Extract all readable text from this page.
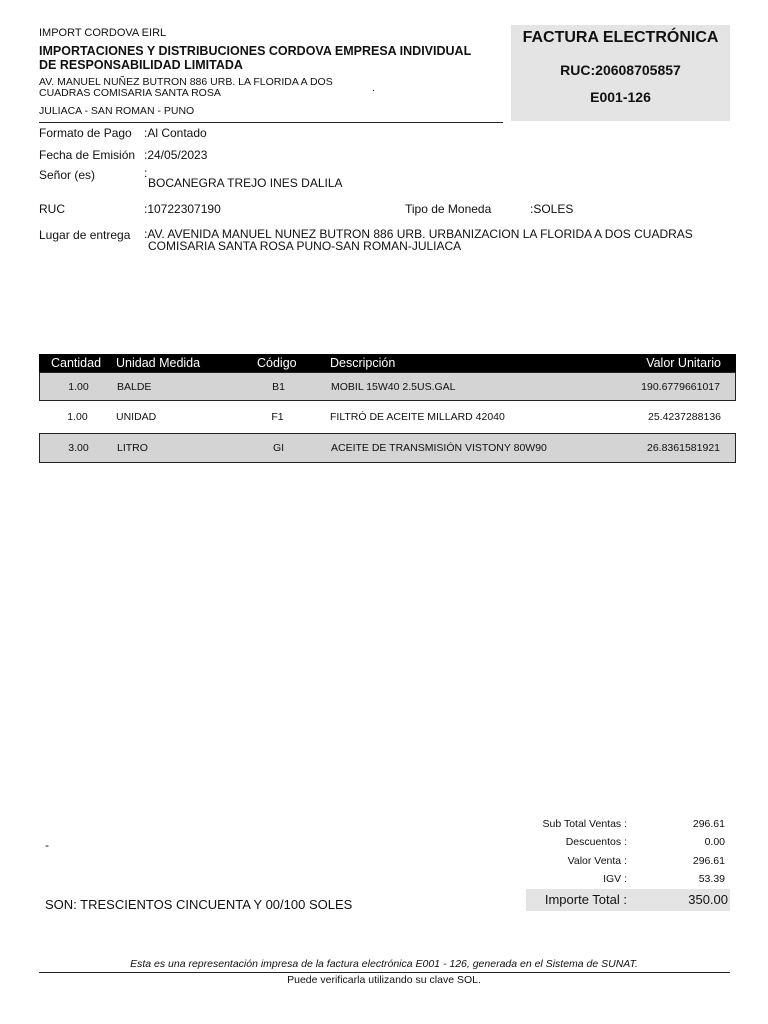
IMPORT CORDOVA EIRL
IMPORTACIONES Y DISTRIBUCIONES CORDOVA EMPRESA INDIVIDUAL
DE RESPONSABILIDAD LIMITADA
AV. MANUEL NUÑEZ BUTRON 886 URB. LA FLORIDA A DOS
CUADRAS COMISARIA SANTA ROSA	.
JULIACA - SAN ROMAN - PUNO
FACTURA ELECTRÓNICA
RUC:20608705857
E001-126
Formato de Pago :Al Contado
Fecha de Emisión :24/05/2023
Señor (es)	:
BOCANEGRA TREJO INES DALILA
RUC	:10722307190	Tipo de Moneda	:SOLES
Lugar de entrega :AV. AVENIDA MANUEL NUNEZ BUTRON 886 URB. URBANIZACION LA FLORIDA A DOS CUADRAS
COMISARIA SANTA ROSA PUNO-SAN ROMAN-JULIACA
Cantidad Unidad Medida	Código	Descripción	Valor Unitario
1.00	BALDE	B1	MOBIL 15W40 2.5US.GAL	190.6779661017
1.00	UNIDAD	F1	FILTRÓ DE ACEITE MILLARD 42040	25.4237288136
3.00	LITRO	GI	ACEITE DE TRANSMISIÓN VISTONY 80W90	26.8361581921
Sub Total Ventas :	296.61
Descuentos :	0.00
Valor Venta :	296.61
IGV :	53.39
Importe Total :	350.00
-
SON: TRESCIENTOS CINCUENTA Y 00/100 SOLES
Esta es una representación impresa de la factura electrónica E001 - 126, generada en el Sistema de SUNAT.
Puede verificarla utilizando su clave SOL.
